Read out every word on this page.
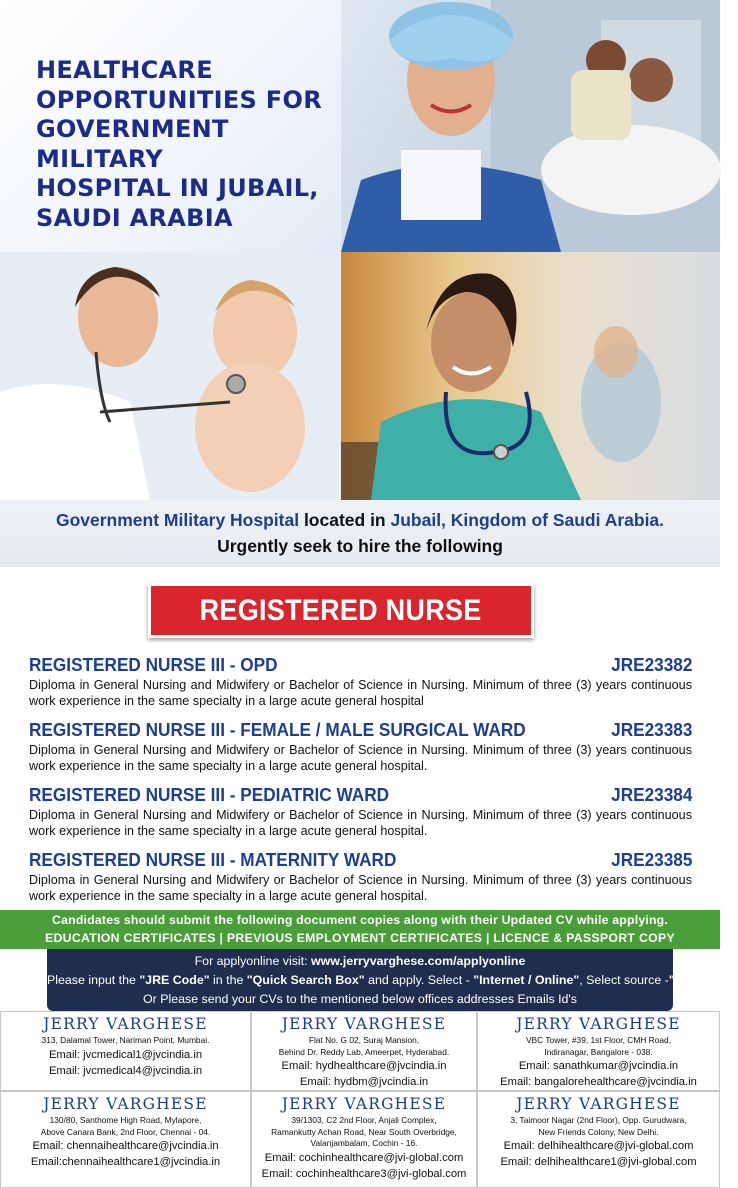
HEALTHCARE
OPPORTUNITIES FOR
GOVERNMENT MILITARY
HOSPITAL IN JUBAIL,
SAUDI ARABIA
Government Military Hospital located in Jubail, Kingdom of Saudi Arabia.
Urgently seek to hire the following
REGISTERED NURSE
REGISTERED NURSE III - OPD	JRE23382
Diploma in General Nursing and Midwifery or Bachelor of Science in Nursing. Minimum of three (3) years continuous work experience in the same specialty in a large acute general hospital
REGISTERED NURSE III - FEMALE / MALE SURGICAL WARD	JRE23383
Diploma in General Nursing and Midwifery or Bachelor of Science in Nursing. Minimum of three (3) years continuous work experience in the same specialty in a large acute general hospital.
REGISTERED NURSE III - PEDIATRIC WARD	JRE23384
Diploma in General Nursing and Midwifery or Bachelor of Science in Nursing. Minimum of three (3) years continuous work experience in the same specialty in a large acute general hospital.
REGISTERED NURSE III - MATERNITY WARD	JRE23385
Diploma in General Nursing and Midwifery or Bachelor of Science in Nursing. Minimum of three (3) years continuous work experience in the same specialty in a large acute general hospital.
Candidates should submit the following document copies along with their Updated CV while applying.
EDUCATION CERTIFICATES | PREVIOUS EMPLOYMENT CERTIFICATES | LICENCE & PASSPORT COPY
For applyonline visit: www.jerryvarghese.com/applyonline
Please input the "JRE Code" in the "Quick Search Box" and apply. Select - "Internet / Online", Select source -"Facebook"
Or Please send your CVs to the mentioned below offices addresses Emails Id's
JERRY VARGHESE
313, Dalamal Tower, Nariman Point, Mumbai.
Email: jvcmedical1@jvcindia.in
Email: jvcmedical4@jvcindia.in
JERRY VARGHESE
Flat No. G 02, Suraj Mansion,
Behind Dr. Reddy Lab, Ameerpet, Hyderabad.
Email: hydhealthcare@jvcindia.in
Email: hydbm@jvcindia.in
JERRY VARGHESE
VBC Tower, #39, 1st Floor, CMH Road,
Indiranagar, Bangalore - 038.
Email: sanathkumar@jvcindia.in
Email: bangalorehealthcare@jvcindia.in
JERRY VARGHESE
130/80, Santhome High Road, Mylapore,
Above Canara Bank, 2nd Floor, Chennai - 04.
Email: chennaihealthcare@jvcindia.in
Email:chennaihealthcare1@jvcindia.in
JERRY VARGHESE
39/1303, C2 2nd Floor, Anjali Complex,
Ramankutty Achan Road, Near South Overbridge,
Valanjambalam, Cochin - 16.
Email: cochinhealthcare@jvi-global.com
Email: cochinhealthcare3@jvi-global.com
JERRY VARGHESE
3, Taimoor Nagar (2nd Floor), Opp. Gurudwara,
New Friends Colony, New Delhi.
Email: delhihealthcare@jvi-global.com
Email: delhihealthcare1@jvi-global.com
